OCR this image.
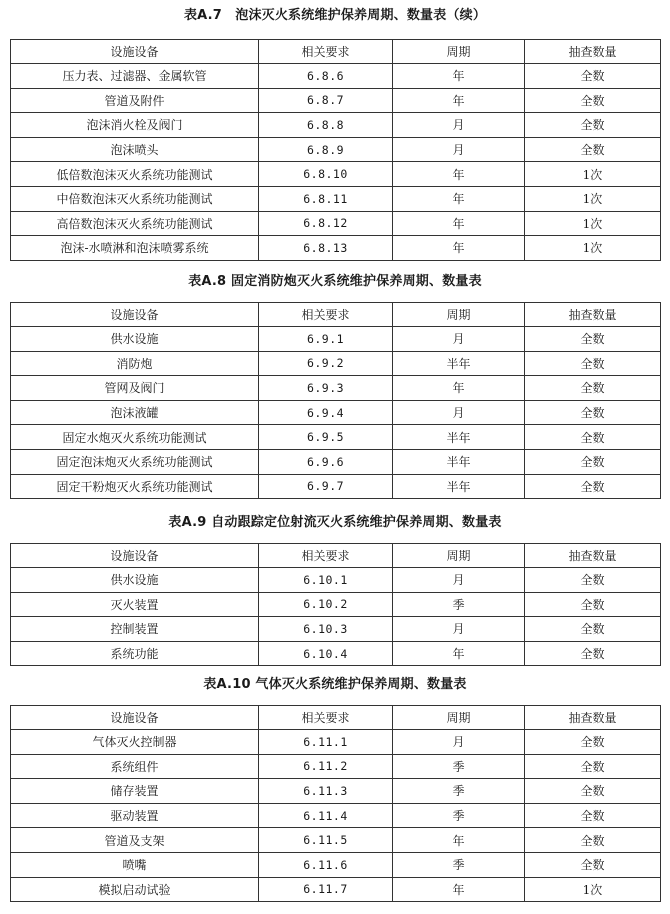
表A.7　泡沫灭火系统维护保养周期、数量表（续）
设施设备	相关要求	周期	抽查数量
压力表、过滤器、金属软管	6.8.6	年	全数
管道及附件	6.8.7	年	全数
泡沫消火栓及阀门	6.8.8	月	全数
泡沫喷头	6.8.9	月	全数
低倍数泡沫灭火系统功能测试	6.8.10	年	1次
中倍数泡沫灭火系统功能测试	6.8.11	年	1次
高倍数泡沫灭火系统功能测试	6.8.12	年	1次
泡沫-水喷淋和泡沫喷雾系统	6.8.13	年	1次
表A.8 固定消防炮灭火系统维护保养周期、数量表
设施设备	相关要求	周期	抽查数量
供水设施	6.9.1	月	全数
消防炮	6.9.2	半年	全数
管网及阀门	6.9.3	年	全数
泡沫液罐	6.9.4	月	全数
固定水炮灭火系统功能测试	6.9.5	半年	全数
固定泡沫炮灭火系统功能测试	6.9.6	半年	全数
固定干粉炮灭火系统功能测试	6.9.7	半年	全数
表A.9 自动跟踪定位射流灭火系统维护保养周期、数量表
设施设备	相关要求	周期	抽查数量
供水设施	6.10.1	月	全数
灭火装置	6.10.2	季	全数
控制装置	6.10.3	月	全数
系统功能	6.10.4	年	全数
表A.10 气体灭火系统维护保养周期、数量表
设施设备	相关要求	周期	抽查数量
气体灭火控制器	6.11.1	月	全数
系统组件	6.11.2	季	全数
储存装置	6.11.3	季	全数
驱动装置	6.11.4	季	全数
管道及支架	6.11.5	年	全数
喷嘴	6.11.6	季	全数
模拟启动试验	6.11.7	年	1次
